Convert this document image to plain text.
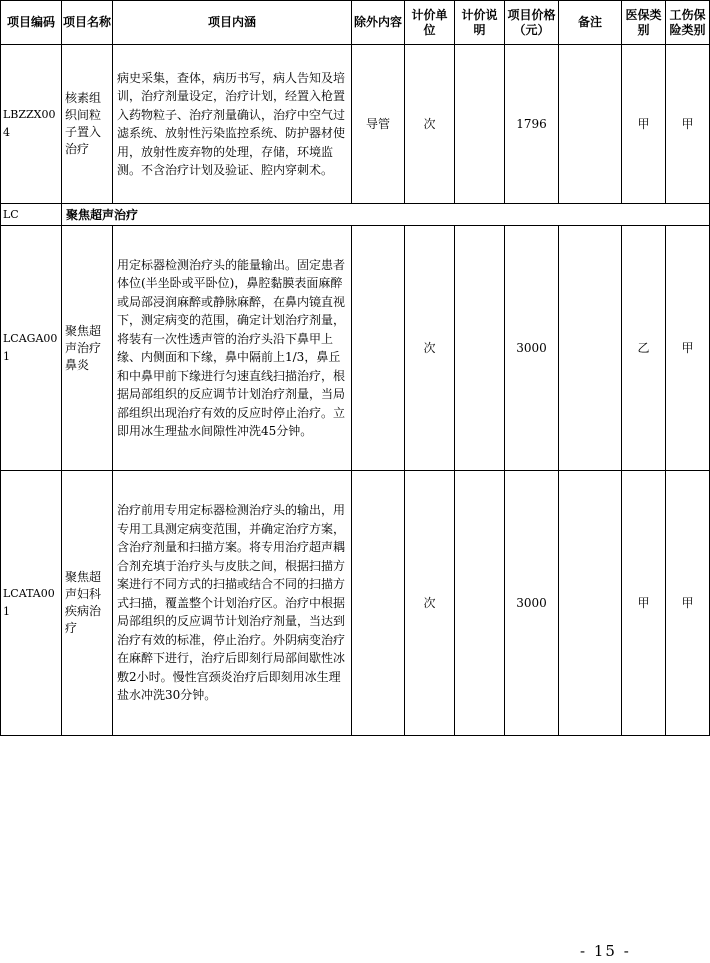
项目编码	项目名称	项目内涵	除外内容	计价单位	计价说明	项目价格（元）	备注	医保类别	工伤保险类别
LBZZX004	核素组织间粒子置入治疗	病史采集，查体，病历书写，病人告知及培训，治疗剂量设定，治疗计划，经置入枪置入药物粒子、治疗剂量确认，治疗中空气过滤系统、放射性污染监控系统、防护器材使用，放射性废弃物的处理，存储，环境监测。不含治疗计划及验证、腔内穿刺术。	导管	次		1796		甲	甲
LC	聚焦超声治疗								
LCAGA001	聚焦超声治疗鼻炎	用定标器检测治疗头的能量输出。固定患者体位(半坐卧或平卧位)，鼻腔黏膜表面麻醉或局部浸润麻醉或静脉麻醉，在鼻内镜直视下，测定病变的范围，确定计划治疗剂量，将装有一次性透声管的治疗头沿下鼻甲上缘、内侧面和下缘，鼻中隔前上1/3，鼻丘和中鼻甲前下缘进行匀速直线扫描治疗，根据局部组织的反应调节计划治疗剂量，当局部组织出现治疗有效的反应时停止治疗。立即用冰生理盐水间隙性冲洗45分钟。		次		3000		乙	甲
LCATA001	聚焦超声妇科疾病治疗	治疗前用专用定标器检测治疗头的输出，用专用工具测定病变范围，并确定治疗方案，含治疗剂量和扫描方案。将专用治疗超声耦合剂充填于治疗头与皮肤之间，根据扫描方案进行不同方式的扫描或结合不同的扫描方式扫描，覆盖整个计划治疗区。治疗中根据局部组织的反应调节计划治疗剂量，当达到治疗有效的标准，停止治疗。外阴病变治疗在麻醉下进行，治疗后即刻行局部间歇性冰敷2小时。慢性宫颈炎治疗后即刻用冰生理盐水冲洗30分钟。		次		3000		甲	甲
- 15 -
